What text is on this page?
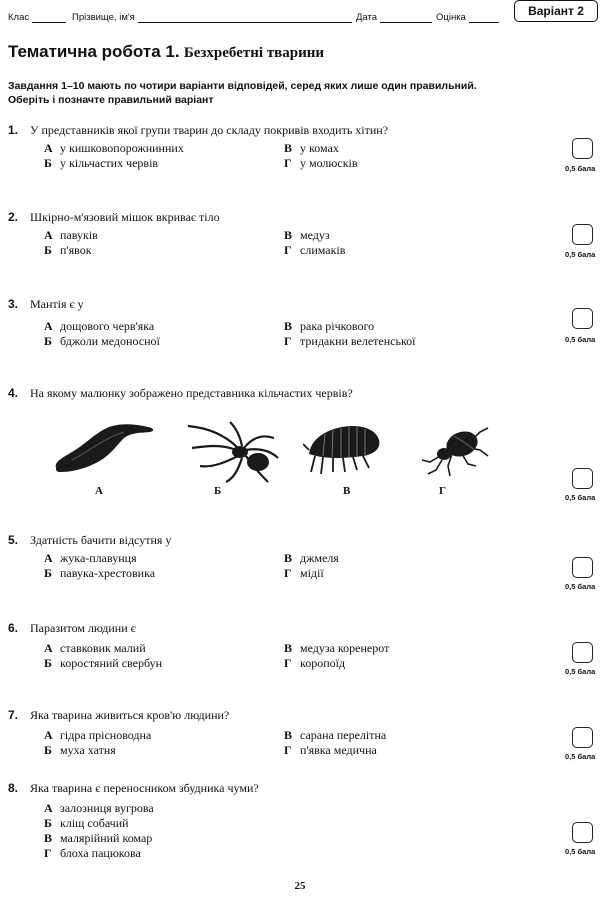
Клас	Прізвище, ім'я	Дата	Оцінка	Варіант 2
Тематична робота 1. Безхребетні тварини
Завдання 1–10 мають по чотири варіанти відповідей, серед яких лише один правильний. Оберіть і позначте правильний варіант
1. У представників якої групи тварин до складу покривів входить хітин?
А у кишковопорожнинних
Б у кільчастих червів
В у комах
Г у молюсків	0,5 бала
2. Шкірно-м'язовий мішок вкриває тіло
А павуків
Б п'явок
В медуз
Г слимаків	0,5 бала
3. Мантія є у
А дощового черв'яка
Б бджоли медоносної
В рака річкового
Г тридакни велетенської	0,5 бала
4. На якому малюнку зображено представника кільчастих червів?
А	Б	В	Г
0,5 бала
5. Здатність бачити відсутня у
А жука-плавунця
Б павука-хрестовика
В джмеля
Г мідії
0,5 бала
6. Паразитом людини є
А ставковик малий
Б коростяний свербун
В медуза коренерот
Г коропоїд
0,5 бала
7. Яка тварина живиться кров'ю людини?
А гідра прісноводна
Б муха хатня
В сарана перелітна
Г п'явка медична	0,5 бала
8. Яка тварина є переносником збудника чуми?
А залозниця вугрова
Б кліщ собачий
В малярійний комар
Г блоха пацюкова	0,5 бала
25
